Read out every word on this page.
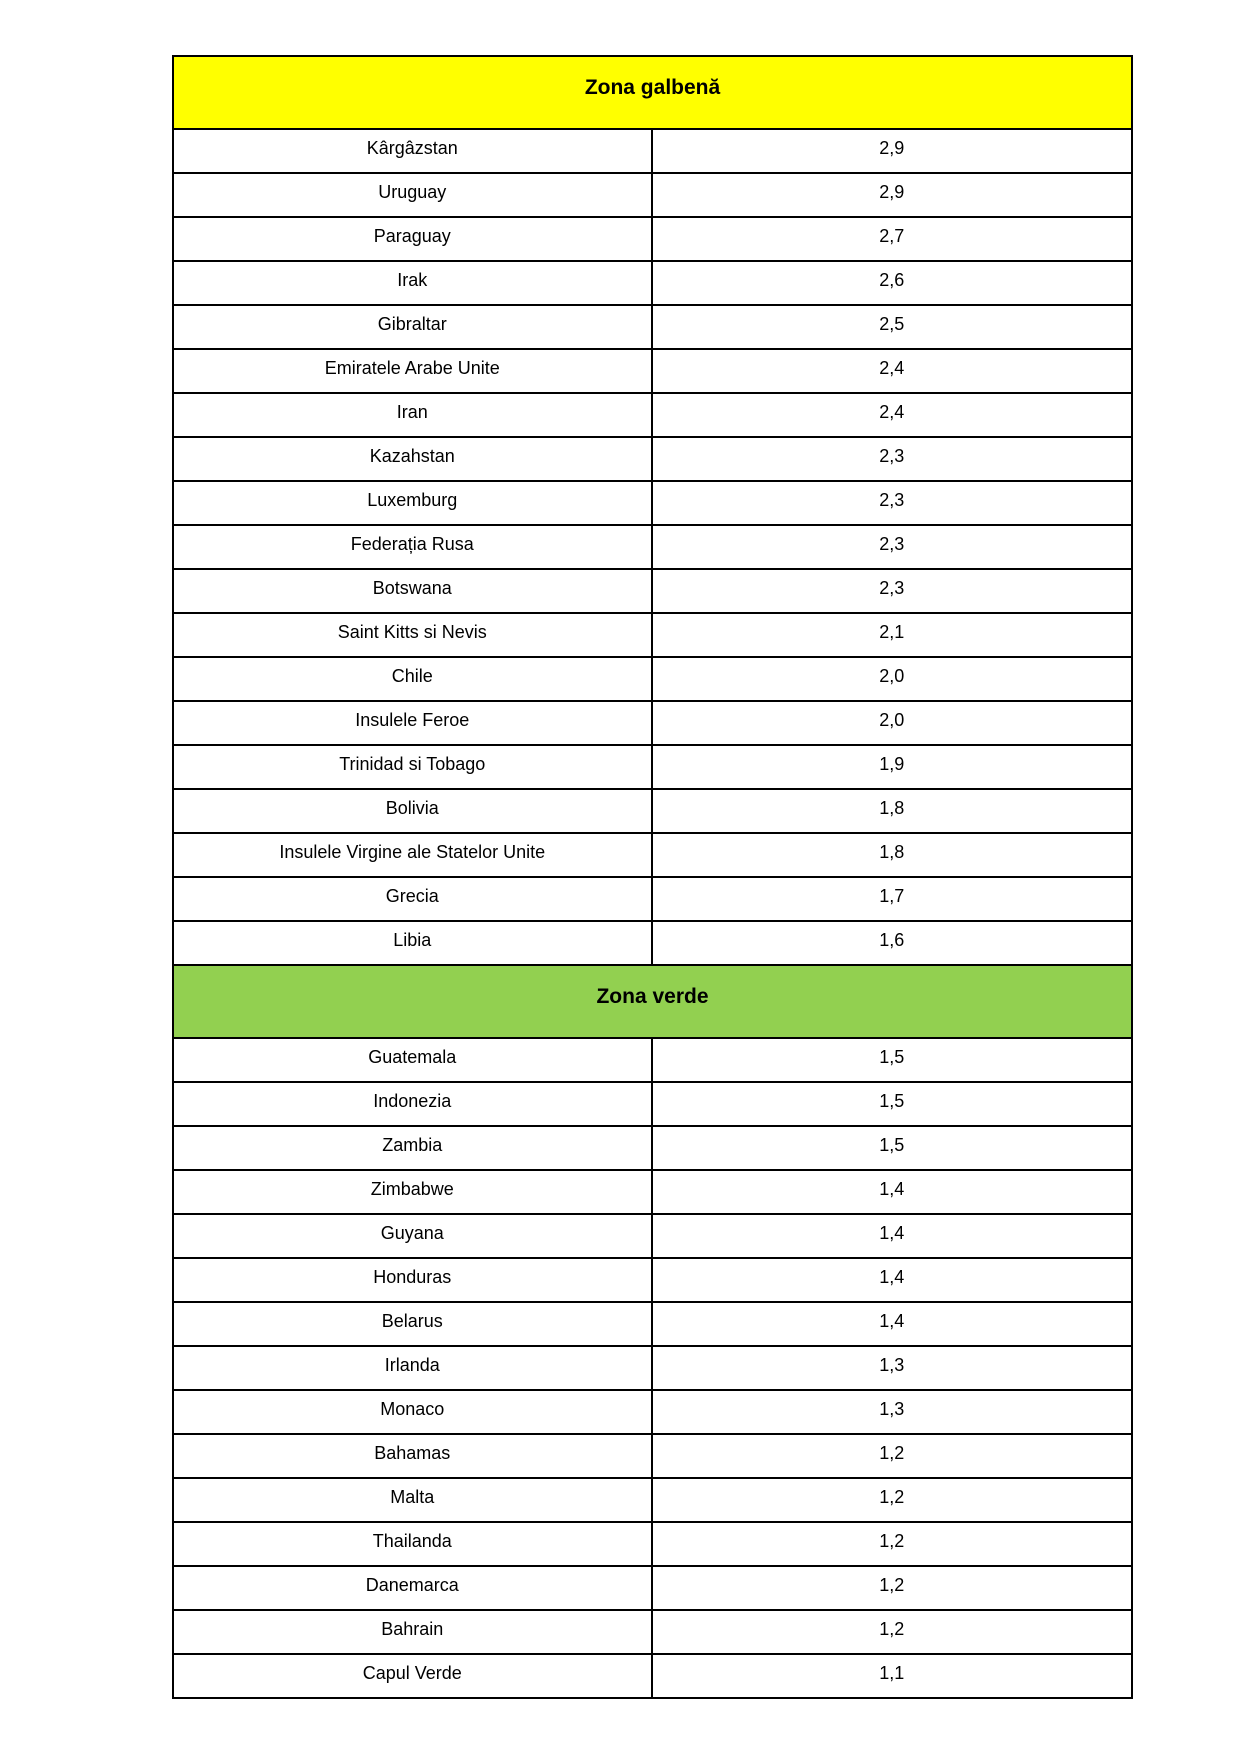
Zona galbenă
Kârgâzstan	2,9
Uruguay	2,9
Paraguay	2,7
Irak	2,6
Gibraltar	2,5
Emiratele Arabe Unite	2,4
Iran	2,4
Kazahstan	2,3
Luxemburg	2,3
Federația Rusa	2,3
Botswana	2,3
Saint Kitts si Nevis	2,1
Chile	2,0
Insulele Feroe	2,0
Trinidad si Tobago	1,9
Bolivia	1,8
Insulele Virgine ale Statelor Unite	1,8
Grecia	1,7
Libia	1,6
Zona verde
Guatemala	1,5
Indonezia	1,5
Zambia	1,5
Zimbabwe	1,4
Guyana	1,4
Honduras	1,4
Belarus	1,4
Irlanda	1,3
Monaco	1,3
Bahamas	1,2
Malta	1,2
Thailanda	1,2
Danemarca	1,2
Bahrain	1,2
Capul Verde	1,1
